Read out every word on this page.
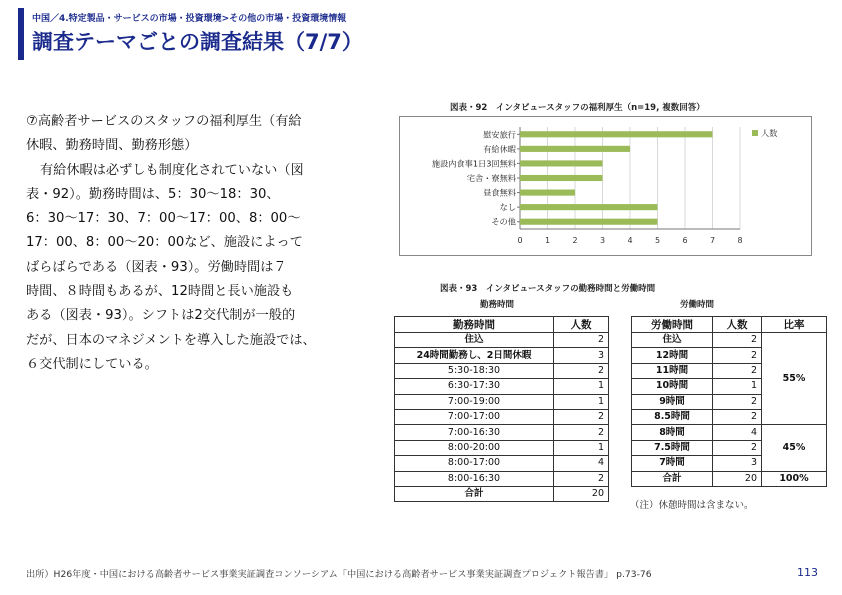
中国／4.特定製品・サービスの市場・投資環境>その他の市場・投資環境情報
調査テーマごとの調査結果（7/7）

⑦高齢者サービスのスタッフの福利厚生（有給

休暇、勤務時間、勤務形態）

有給休暇は必ずしも制度化されていない（図

表・92）。勤務時間は、5：30〜18：30、

6：30〜17：30、7：00〜17：00、8：00〜

17：00、8：00〜20：00など、施設によって

ばらばらである（図表・93）。労働時間は７

時間、８時間もあるが、12時間と長い施設も

ある（図表・93）。シフトは2交代制が一般的

だが、日本のマネジメントを導入した施設では、

６交代制にしている。

図表・92　インタビュースタッフの福利厚生（n=19, 複数回答）
0	1	2	3	4	5	6	7	8
慰安旅行
有給休暇
施設内食事1日3回無料
宅舎・寮無料
昼食無料
なし
その他
人数
図表・93　インタビュースタッフの勤務時間と労働時間
勤務時間	労働時間
勤務時間	人数
住込	2
24時間勤務し、2日間休暇	3
5:30-18:30	2
6:30-17:30	1
7:00-19:00	1
7:00-17:00	2
7:00-16:30	2
8:00-20:00	1
8:00-17:00	4
8:00-16:30	2
合計	20
労働時間	人数	比率
住込	2	55%
12時間	2	
11時間	2	
10時間	1	
9時間	2	
8.5時間	2	
8時間	4	45%
7.5時間	2	
7時間	3	
合計	20	100%
（注）休憩時間は含まない。
出所）H26年度・中国における高齢者サービス事業実証調査コンソーシアム「中国における高齢者サービス事業実証調査プロジェクト報告書」 p.73-76	113
